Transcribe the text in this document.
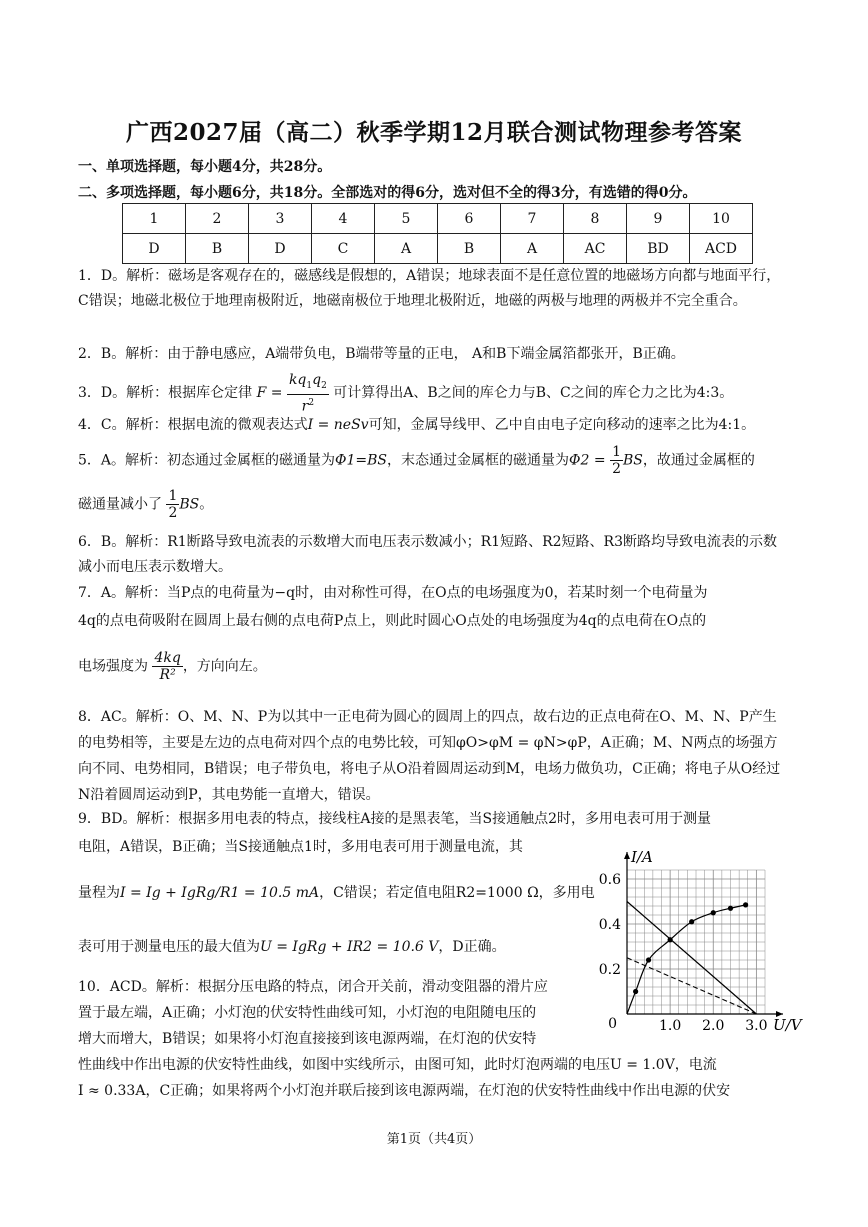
广西2027届（高二）秋季学期12月联合测试物理参考答案
一、单项选择题，每小题4分，共28分。
二、多项选择题，每小题6分，共18分。全部选对的得6分，选对但不全的得3分，有选错的得0分。
1	2	3	4	5	6	7	8	9	10
D	B	D	C	A	B	A	AC	BD	ACD
1．D。解析：磁场是客观存在的，磁感线是假想的，A错误；地球表面不是任意位置的地磁场方向都与地面平行，C错误；地磁北极位于地理南极附近，地磁南极位于地理北极附近，地磁的两极与地理的两极并不完全重合。
2．B。解析：由于静电感应，A端带负电，B端带等量的正电， A和B下端金属箔都张开，B正确。
3．D。解析：根据库仑定律 $F = \frac{kq_1q_2}{r^2}$ 可计算得出A、B之间的库仑力与B、C之间的库仑力之比为4:3。
4．C。解析：根据电流的微观表达式I = neSv可知，金属导线甲、乙中自由电子定向移动的速率之比为4:1。
5．A。解析：初态通过金属框的磁通量为Φ1=BS，末态通过金属框的磁通量为$\Phi 2 = \frac{1}{2}$ BS，故通过金属框的
磁通量减小了 $\frac{1}{2}$ BS。
6．B。解析：R1断路导致电流表的示数增大而电压表示数减小；R1短路、R2短路、R3断路均导致电流表的示数减小而电压表示数增大。
7．A。解析：当P点的电荷量为−q时，由对称性可得，在O点的电场强度为0，若某时刻一个电荷量为
4q的点电荷吸附在圆周上最右侧的点电荷P点上，则此时圆心O点处的电场强度为4q的点电荷在O点的
电场强度为 $\frac{4kq}{\text{R²}}$ ，方向向左。
8．AC。解析：O、M、N、P为以其中一正电荷为圆心的圆周上的四点，故右边的正点电荷在O、M、N、P产生的电势相等，主要是左边的点电荷对四个点的电势比较，可知φO>φM = φN>φP，A正确；M、N两点的场强方向不同、电势相同，B错误；电子带负电，将电子从O沿着圆周运动到M，电场力做负功，C正确；将电子从O经过N沿着圆周运动到P，其电势能一直增大，错误。
9．BD。解析：根据多用电表的特点，接线柱A接的是黑表笔，当S接通触点2时，多用电表可用于测量
电阻，A错误，B正确；当S接通触点1时，多用电表可用于测量电流，其
量程为I = Ig + IgRg/R1 = 10.5 mA，C错误；若定值电阻R2=1000 Ω，多用电
表可用于测量电压的最大值为U = IgRg + IR2 = 10.6 V，D正确。
10．ACD。解析：根据分压电路的特点，闭合开关前，滑动变阻器的滑片应
置于最左端，A正确；小灯泡的伏安特性曲线可知，小灯泡的电阻随电压的
增大而增大，B错误；如果将小灯泡直接接到该电源两端，在灯泡的伏安特
性曲线中作出电源的伏安特性曲线，如图中实线所示，由图可知，此时灯泡两端的电压U = 1.0V，电流
I ≈ 0.33A，C正确；如果将两个小灯泡并联后接到该电源两端，在灯泡的伏安特性曲线中作出电源的伏安
1.0 2.0 3.0
0.2
0.4
0.6
0	U/V
I/A
第1页（共4页）
